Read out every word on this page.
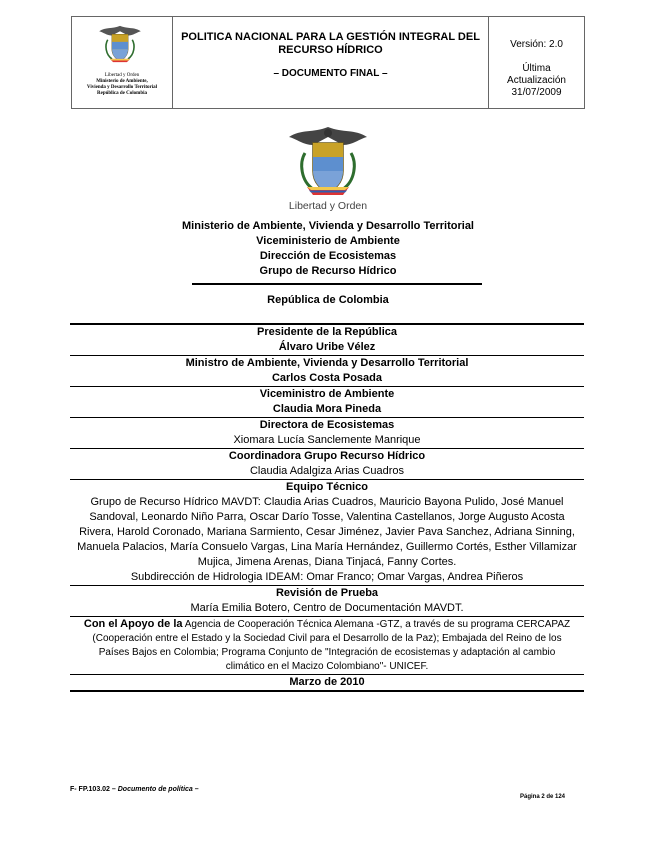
Libertad y Orden
Ministerio de Ambiente,
Vivienda y Desarrollo Territorial
República de Colombia
POLITICA NACIONAL PARA LA GESTIÓN INTEGRAL DEL RECURSO HÍDRICO
– DOCUMENTO FINAL –
Versión: 2.0
Última Actualización 31/07/2009
Libertad y Orden
Ministerio de Ambiente, Vivienda y Desarrollo Territorial
Viceministerio de Ambiente
Dirección de Ecosistemas
Grupo de Recurso Hídrico
República de Colombia
Presidente de la República
Álvaro Uribe Vélez
Ministro de Ambiente, Vivienda y Desarrollo Territorial
Carlos Costa Posada
Viceministro de Ambiente
Claudia Mora Pineda
Directora de Ecosistemas
Xiomara Lucía Sanclemente Manrique
Coordinadora Grupo Recurso Hídrico
Claudia Adalgiza Arias Cuadros
Equipo Técnico
Grupo de Recurso Hídrico MAVDT: Claudia Arias Cuadros, Mauricio Bayona Pulido, José Manuel Sandoval, Leonardo Niño Parra, Oscar Darío Tosse, Valentina Castellanos, Jorge Augusto Acosta Rivera, Harold Coronado, Mariana Sarmiento, Cesar Jiménez, Javier Pava Sanchez, Adriana Sinning, Manuela Palacios, María Consuelo Vargas, Lina María Hernández, Guillermo Cortés, Esther Villamizar Mujica, Jimena Arenas, Diana Tinjacá, Fanny Cortes.
Subdirección de Hidrologia IDEAM: Omar Franco; Omar Vargas, Andrea Piñeros
Revisión de Prueba
María Emilia Botero, Centro de Documentación MAVDT.
Con el Apoyo de la Agencia de Cooperación Técnica Alemana -GTZ, a través de su programa CERCAPAZ (Cooperación entre el Estado y la Sociedad Civil para el Desarrollo de la Paz); Embajada del Reino de los Países Bajos en Colombia; Programa Conjunto de "Integración de ecosistemas y adaptación al cambio climático en el Macizo Colombiano"- UNICEF.
Marzo de 2010
F- FP.103.02 – Documento de política –
Página 2 de 124
